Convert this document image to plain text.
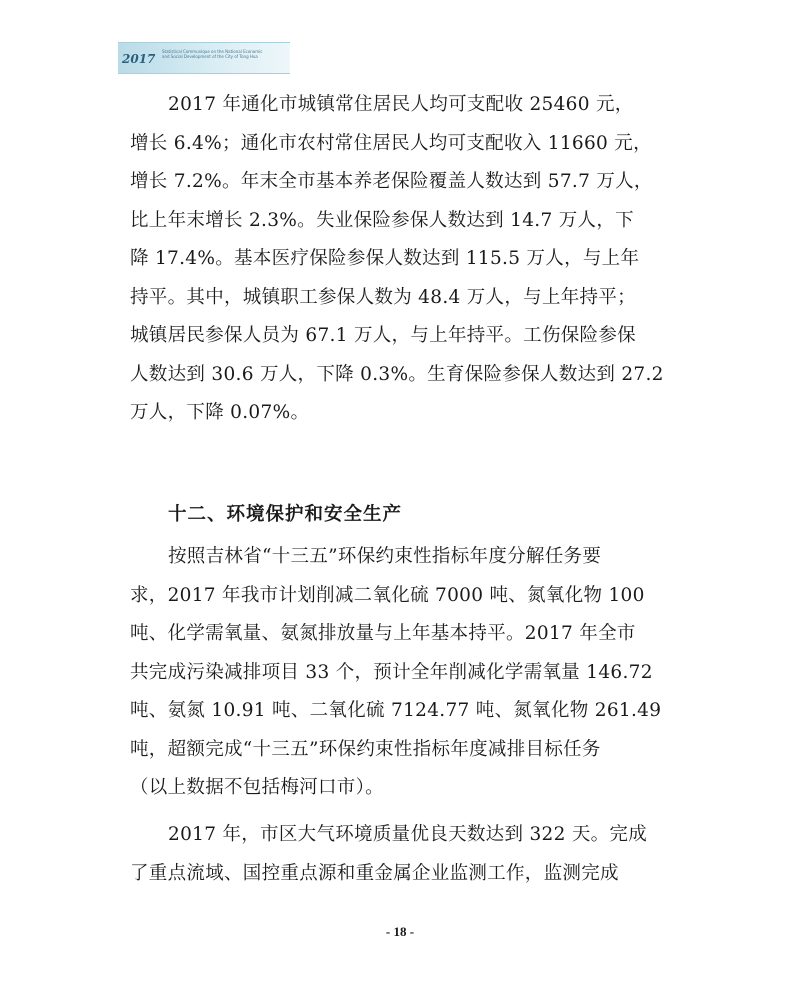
2017
Statistical Communique on the National Economic
and Social Development of the City of Tong Hua

2017 年通化市城镇常住居民人均可支配收 25460 元，
增长 6.4%；通化市农村常住居民人均可支配收入 11660 元，
增长 7.2%。年末全市基本养老保险覆盖人数达到 57.7 万人，
比上年末增长 2.3%。失业保险参保人数达到 14.7 万人，下
降 17.4%。基本医疗保险参保人数达到 115.5 万人，与上年
持平。其中，城镇职工参保人数为 48.4 万人，与上年持平；
城镇居民参保人员为 67.1 万人，与上年持平。工伤保险参保
人数达到 30.6 万人，下降 0.3%。生育保险参保人数达到 27.2
万人，下降 0.07%。

十二、环境保护和安全生产

按照吉林省“十三五”环保约束性指标年度分解任务要
求，2017 年我市计划削减二氧化硫 7000 吨、氮氧化物 100
吨、化学需氧量、氨氮排放量与上年基本持平。2017 年全市
共完成污染减排项目 33 个，预计全年削减化学需氧量 146.72
吨、氨氮 10.91 吨、二氧化硫 7124.77 吨、氮氧化物 261.49
吨，超额完成“十三五”环保约束性指标年度减排目标任务
（以上数据不包括梅河口市）。

2017 年，市区大气环境质量优良天数达到 322 天。完成
了重点流域、国控重点源和重金属企业监测工作，监测完成

- 18 -
